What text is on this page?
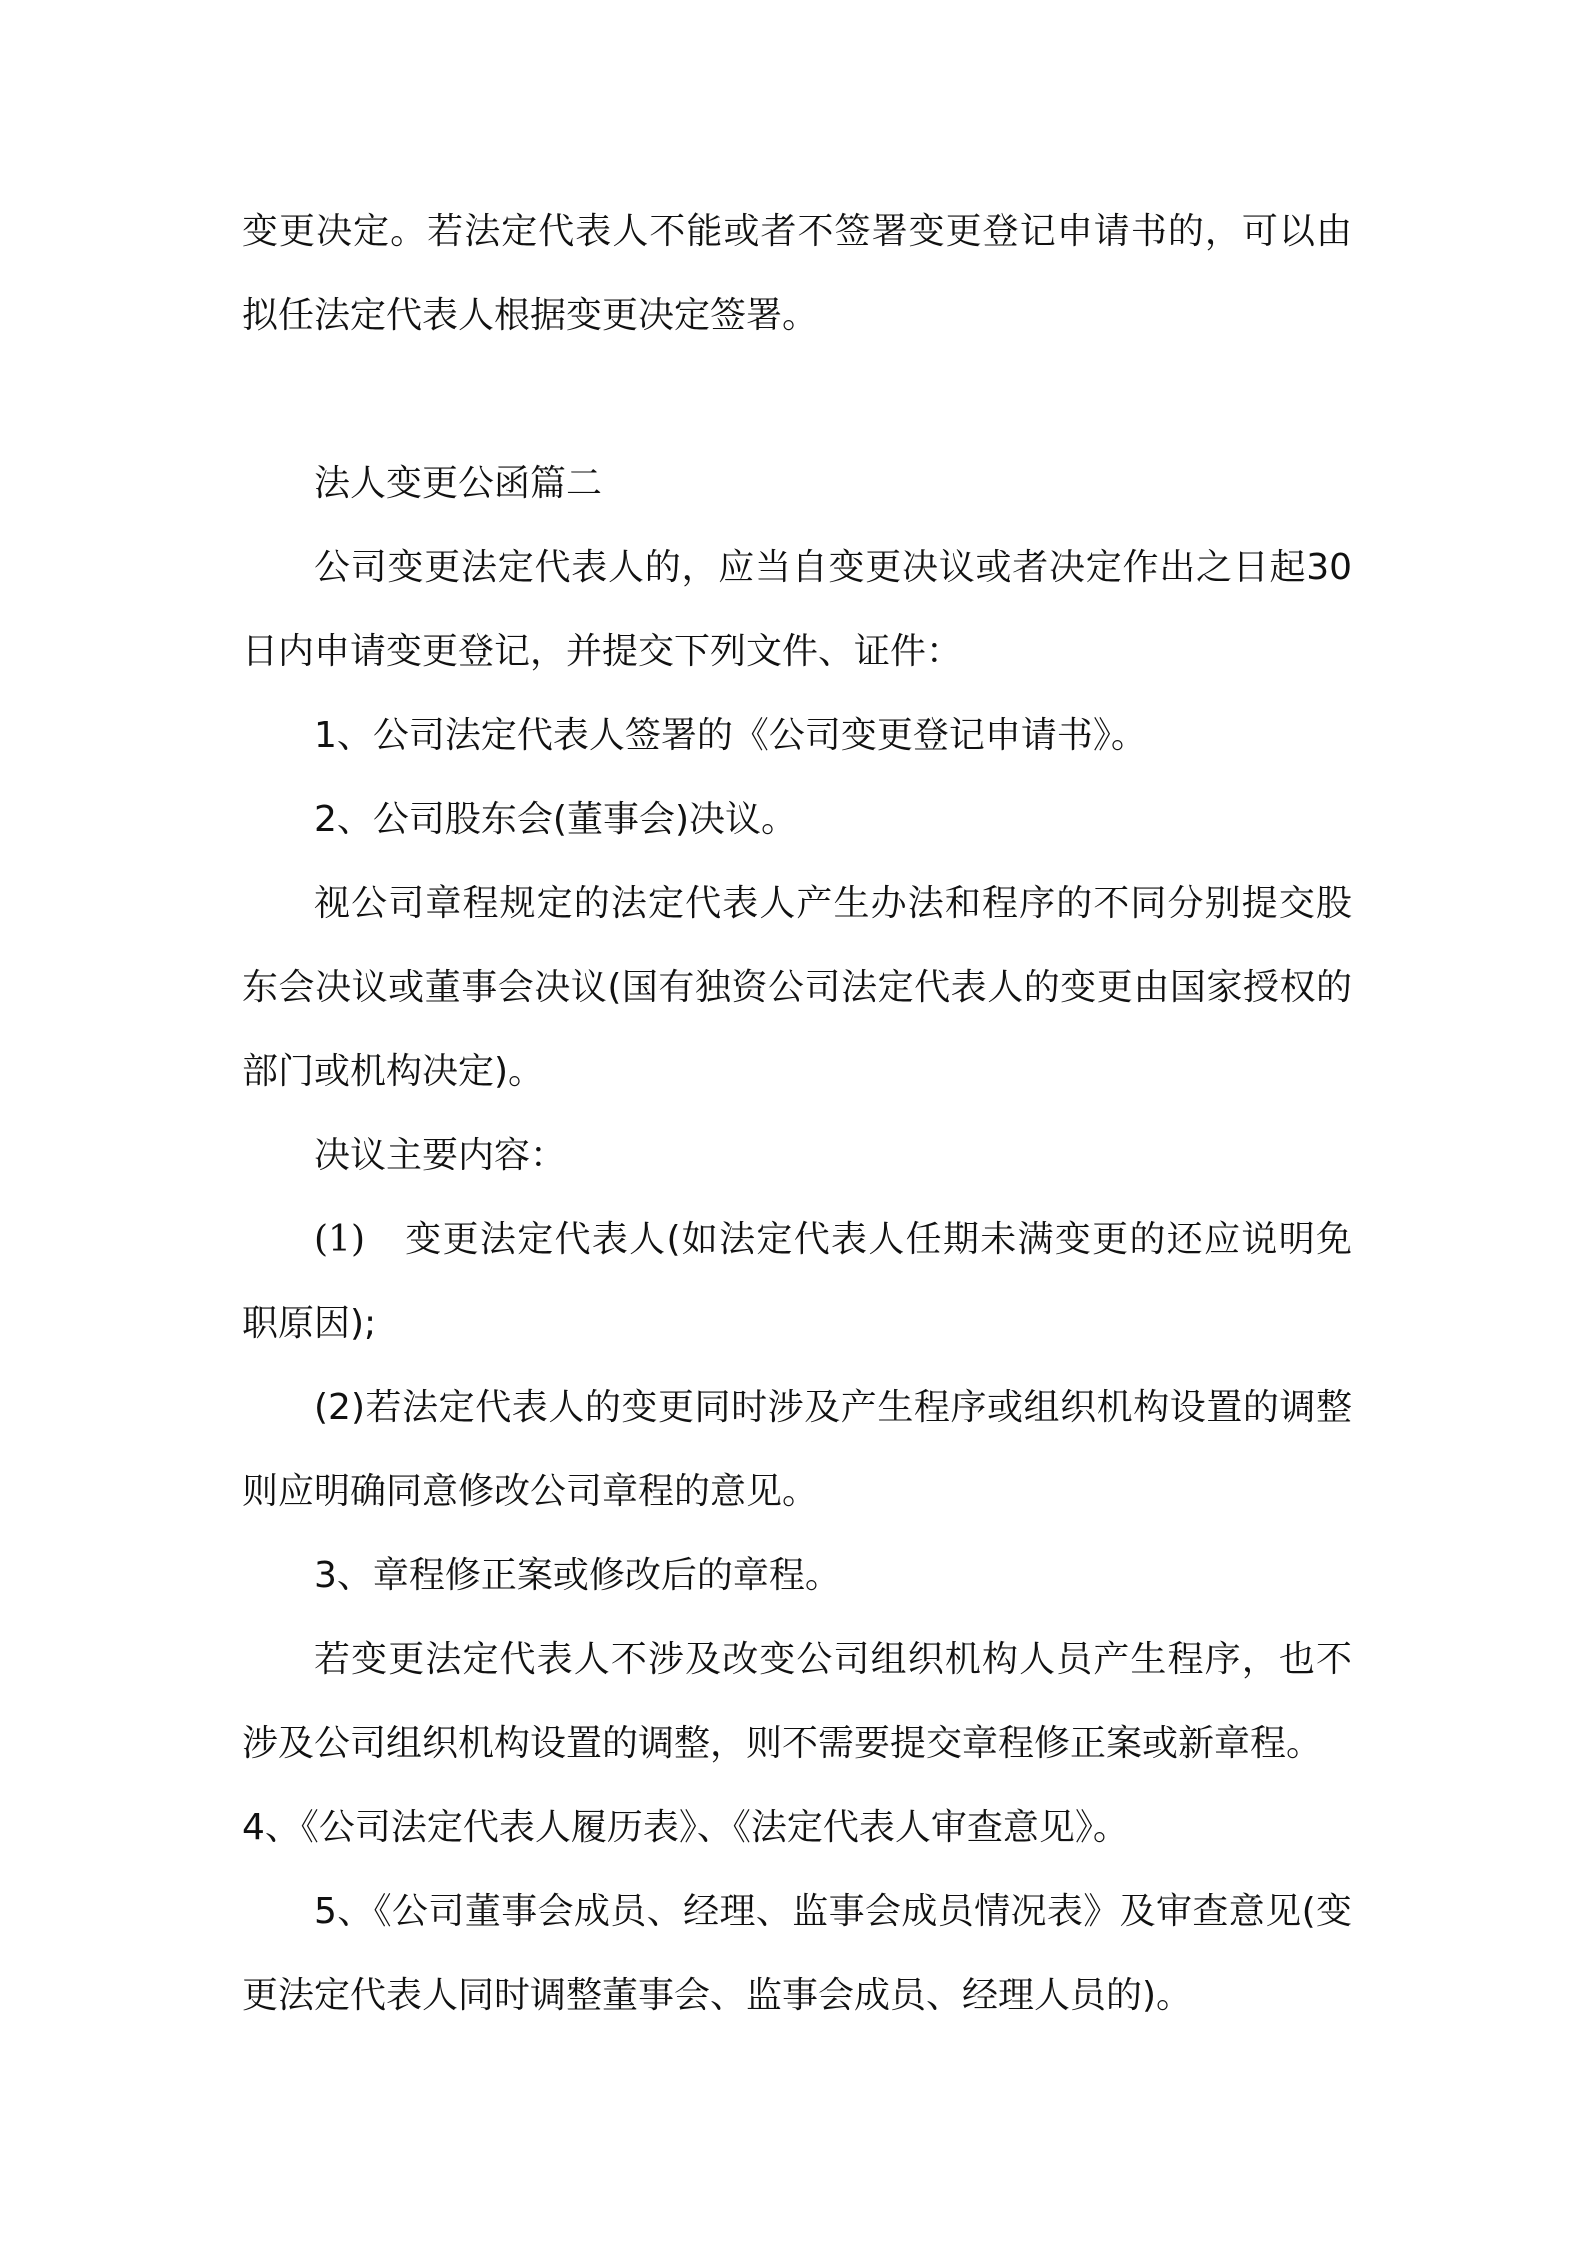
变更决定。若法定代表人不能或者不签署变更登记申请书的，可以由拟任法定代表人根据变更决定签署。

法人变更公函篇二

公司变更法定代表人的，应当自变更决议或者决定作出之日起30 日内申请变更登记，并提交下列文件、证件：

1、公司法定代表人签署的《公司变更登记申请书》。

2、公司股东会(董事会)决议。

视公司章程规定的法定代表人产生办法和程序的不同分别提交股东会决议或董事会决议(国有独资公司法定代表人的变更由国家授权的部门或机构决定)。

决议主要内容：

(1) 变更法定代表人(如法定代表人任期未满变更的还应说明免职原因);

(2)若法定代表人的变更同时涉及产生程序或组织机构设置的调整则应明确同意修改公司章程的意见。

3、章程修正案或修改后的章程。

若变更法定代表人不涉及改变公司组织机构人员产生程序，也不涉及公司组织机构设置的调整，则不需要提交章程修正案或新章程。

4、《公司法定代表人履历表》、《法定代表人审查意见》。

5、《公司董事会成员、经理、监事会成员情况表》及审查意见(变更法定代表人同时调整董事会、监事会成员、经理人员的)。
